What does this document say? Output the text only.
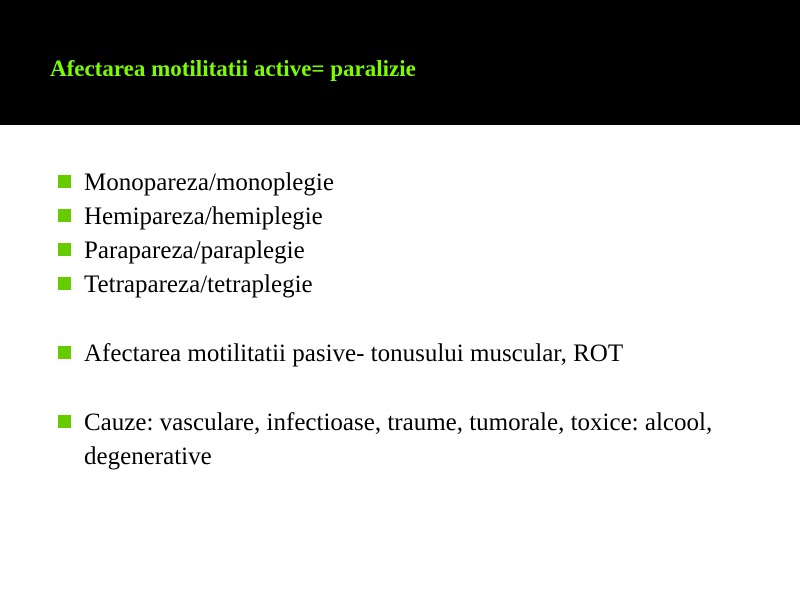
Afectarea motilitatii active= paralizie
Monopareza/monoplegie
Hemipareza/hemiplegie
Parapareza/paraplegie
Tetrapareza/tetraplegie
Afectarea motilitatii pasive- tonusului muscular, ROT
Cauze: vasculare, infectioase, traume, tumorale, toxice: alcool, degenerative
